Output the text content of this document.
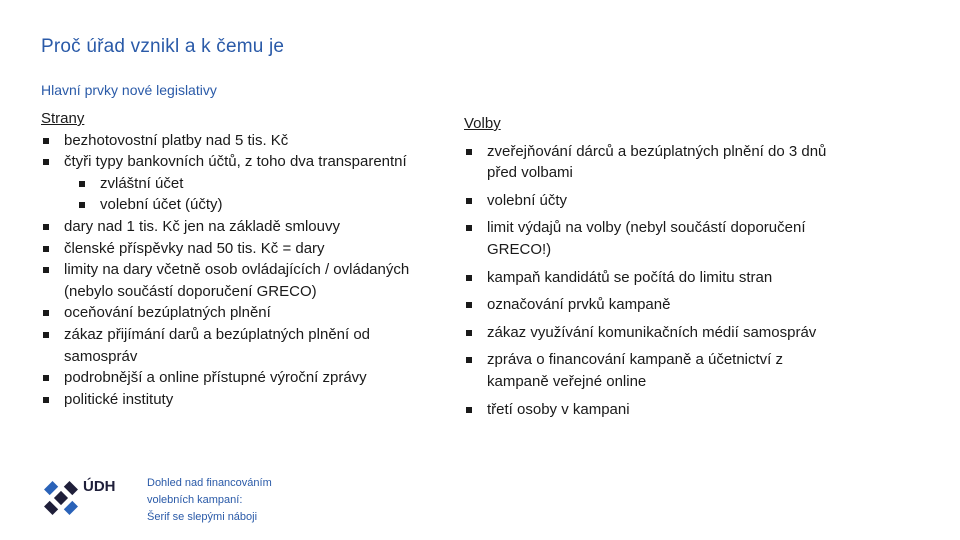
Proč úřad vznikl a k čemu je
Hlavní prvky nové legislativy
Strany
bezhotovostní platby nad 5 tis. Kč
čtyři typy bankovních účtů, z toho dva transparentní
zvláštní účet
volební účet (účty)
dary nad 1 tis. Kč jen na základě smlouvy
členské příspěvky nad 50 tis. Kč = dary
limity na dary včetně osob ovládajících / ovládaných (nebylo součástí doporučení GRECO)
oceňování bezúplatných plnění
zákaz přijímání darů a bezúplatných plnění od samospráv
podrobnější a online přístupné výroční zprávy
politické instituty
Volby
zveřejňování dárců a bezúplatných plnění do 3 dnů před volbami
volební účty
limit výdajů na volby (nebyl součástí doporučení GRECO!)
kampaň kandidátů se počítá do limitu stran
označování prvků kampaně
zákaz využívání komunikačních médií samospráv
zpráva o financování kampaně a účetnictví z kampaně veřejné online
třetí osoby v kampani
ÚDH	Dohled nad financováním
volebních kampaní:
Šerif se slepými náboji
